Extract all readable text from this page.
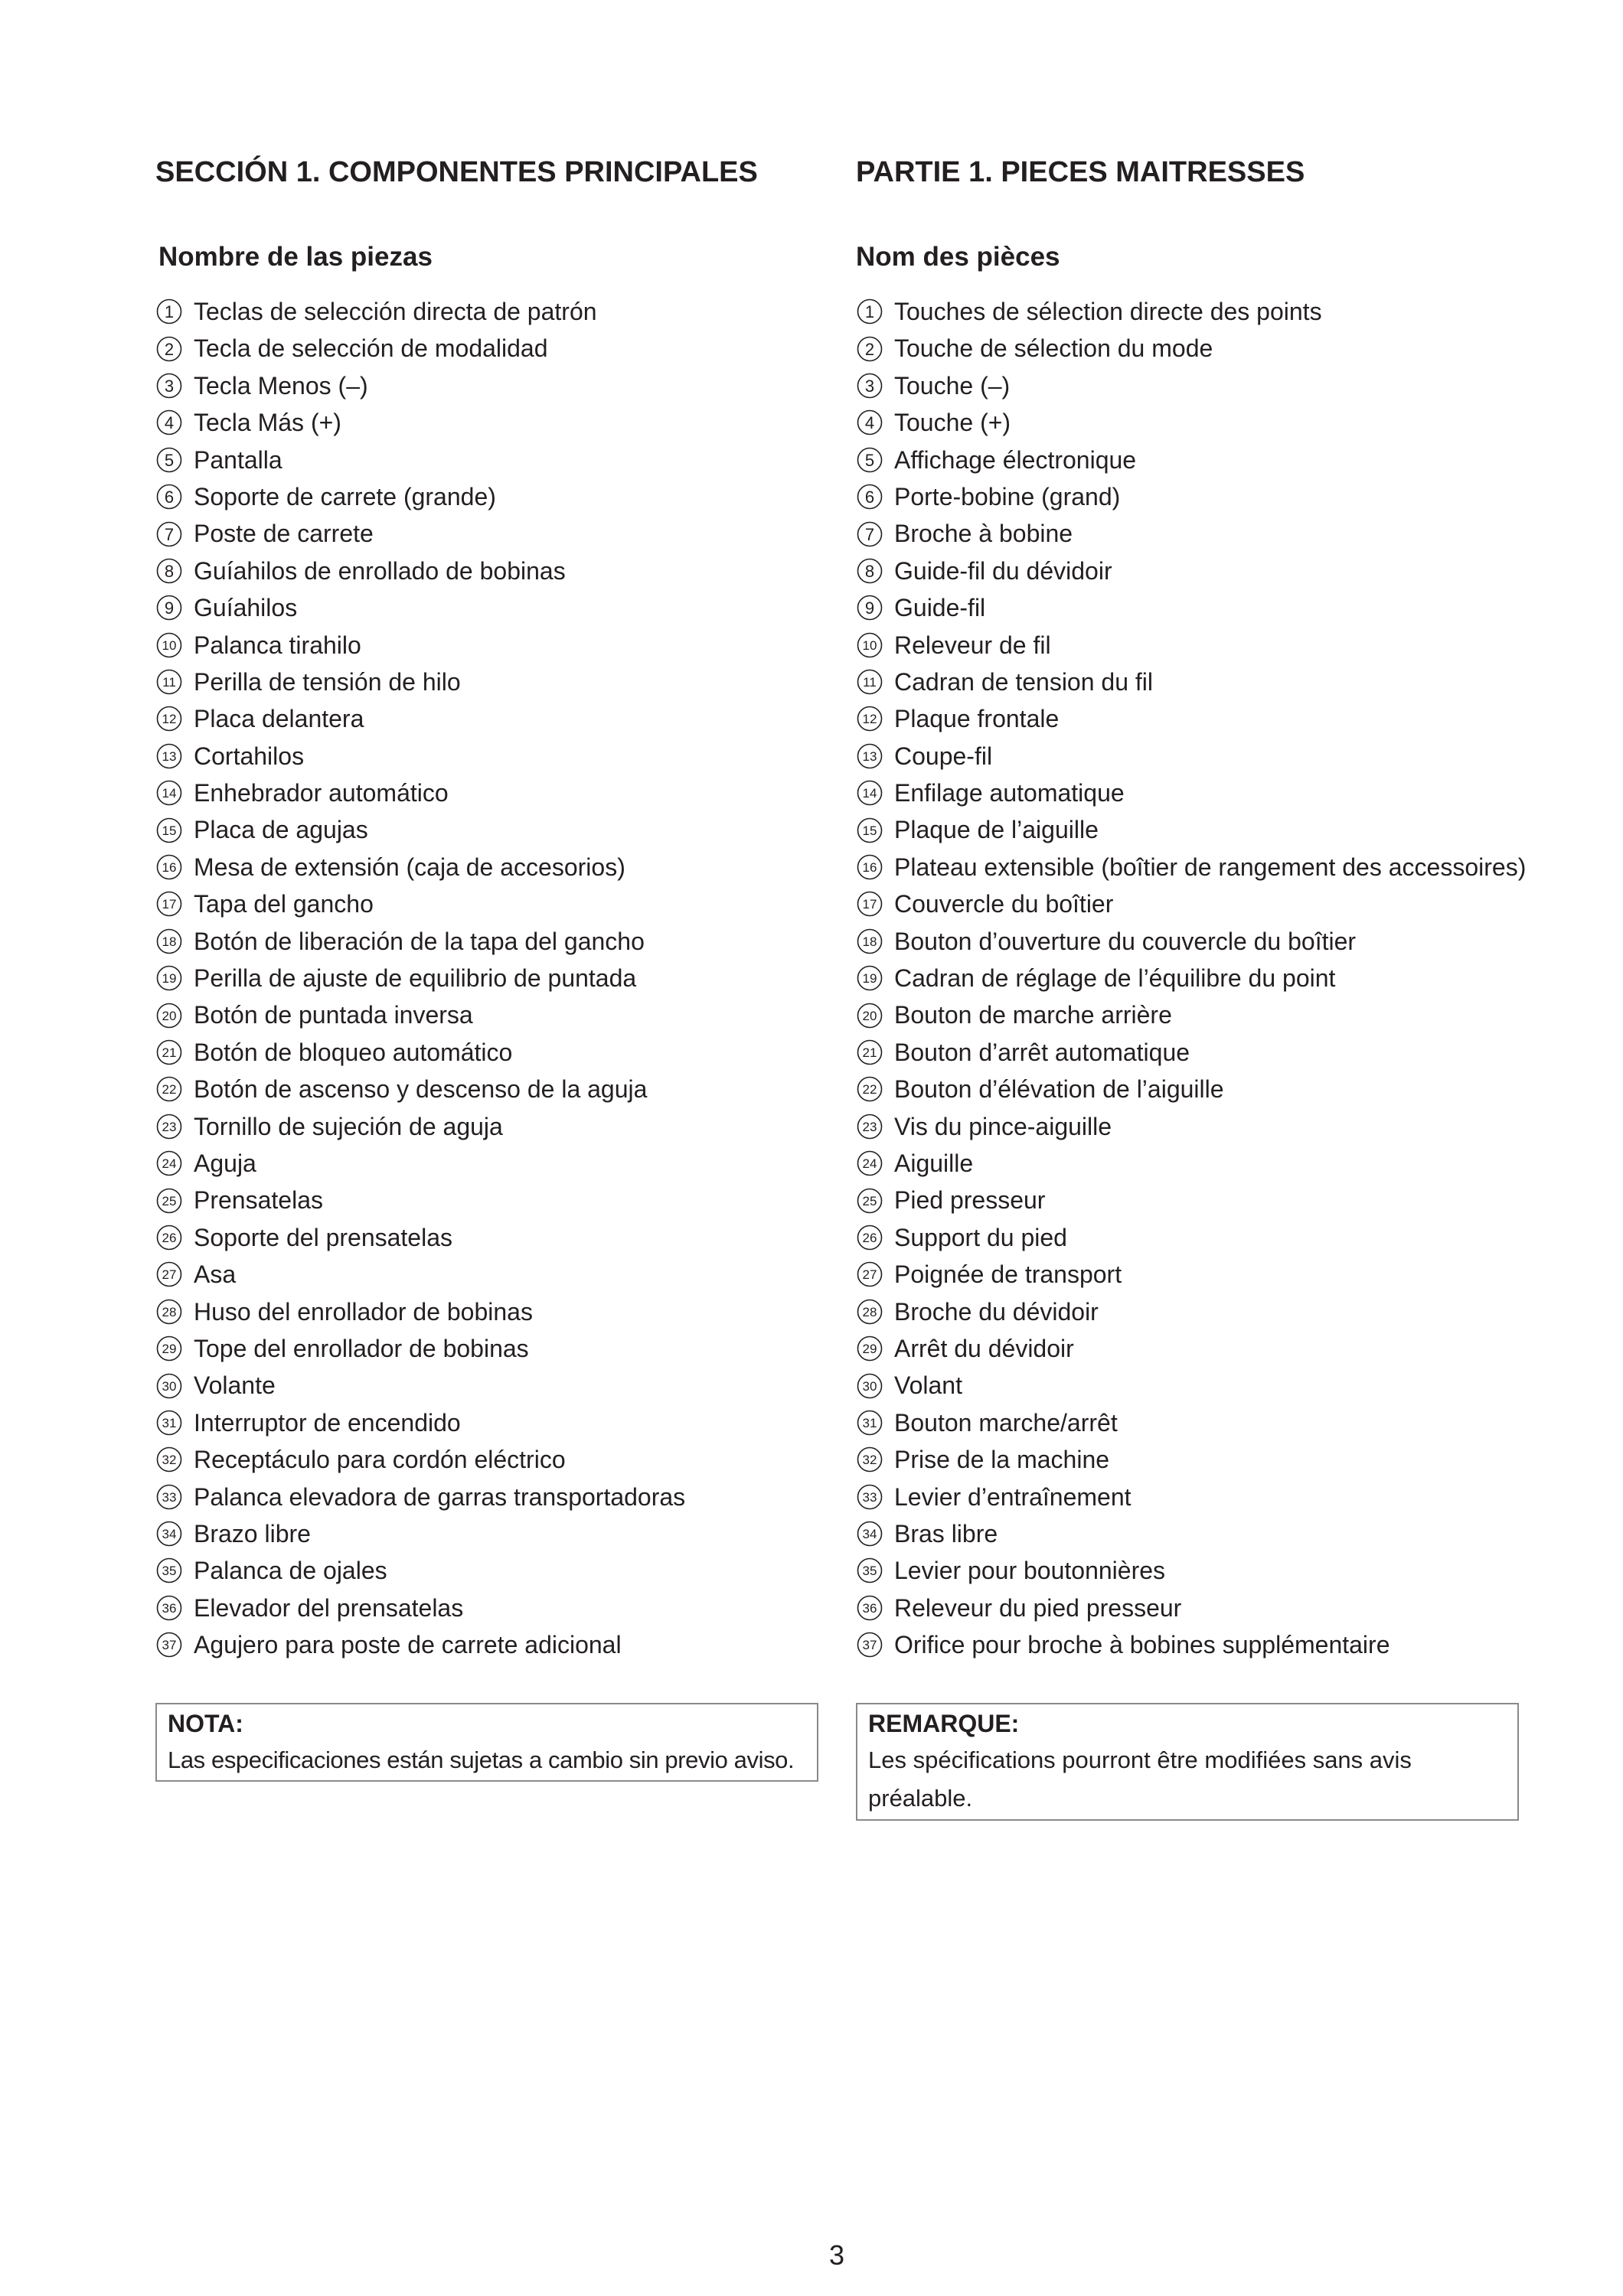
SECCIÓN 1. COMPONENTES PRINCIPALES
Nombre de las piezas
1 Teclas de selección directa de patrón
2 Tecla de selección de modalidad
3 Tecla Menos (–)
4 Tecla Más (+)
5 Pantalla
6 Soporte de carrete (grande)
7 Poste de carrete
8 Guíahilos de enrollado de bobinas
9 Guíahilos
10 Palanca tirahilo
11 Perilla de tensión de hilo
12 Placa delantera
13 Cortahilos
14 Enhebrador automático
15 Placa de agujas
16 Mesa de extensión (caja de accesorios)
17 Tapa del gancho
18 Botón de liberación de la tapa del gancho
19 Perilla de ajuste de equilibrio de puntada
20 Botón de puntada inversa
21 Botón de bloqueo automático
22 Botón de ascenso y descenso de la aguja
23 Tornillo de sujeción de aguja
24 Aguja
25 Prensatelas
26 Soporte del prensatelas
27 Asa
28 Huso del enrollador de bobinas
29 Tope del enrollador de bobinas
30 Volante
31 Interruptor de encendido
32 Receptáculo para cordón eléctrico
33 Palanca elevadora de garras transportadoras
34 Brazo libre
35 Palanca de ojales
36 Elevador del prensatelas
37 Agujero para poste de carrete adicional

NOTA:

Las especificaciones están sujetas a cambio sin previo aviso.

PARTIE 1. PIECES MAITRESSES
Nom des pièces
1 Touches de sélection directe des points
2 Touche de sélection du mode
3 Touche (–)
4 Touche (+)
5 Affichage électronique
6 Porte-bobine (grand)
7 Broche à bobine
8 Guide-fil du dévidoir
9 Guide-fil
10 Releveur de fil
11 Cadran de tension du fil
12 Plaque frontale
13 Coupe-fil
14 Enfilage automatique
15 Plaque de l’aiguille
16 Plateau extensible (boîtier de rangement des accessoires)
17 Couvercle du boîtier
18 Bouton d’ouverture du couvercle du boîtier
19 Cadran de réglage de l’équilibre du point
20 Bouton de marche arrière
21 Bouton d’arrêt automatique
22 Bouton d’élévation de l’aiguille
23 Vis du pince-aiguille
24 Aiguille
25 Pied presseur
26 Support du pied
27 Poignée de transport
28 Broche du dévidoir
29 Arrêt du dévidoir
30 Volant
31 Bouton marche/arrêt
32 Prise de la machine
33 Levier d’entraînement
34 Bras libre
35 Levier pour boutonnières
36 Releveur du pied presseur
37 Orifice pour broche à bobines supplémentaire

REMARQUE:

Les spécifications pourront être modifiées sans avis préalable.

3
